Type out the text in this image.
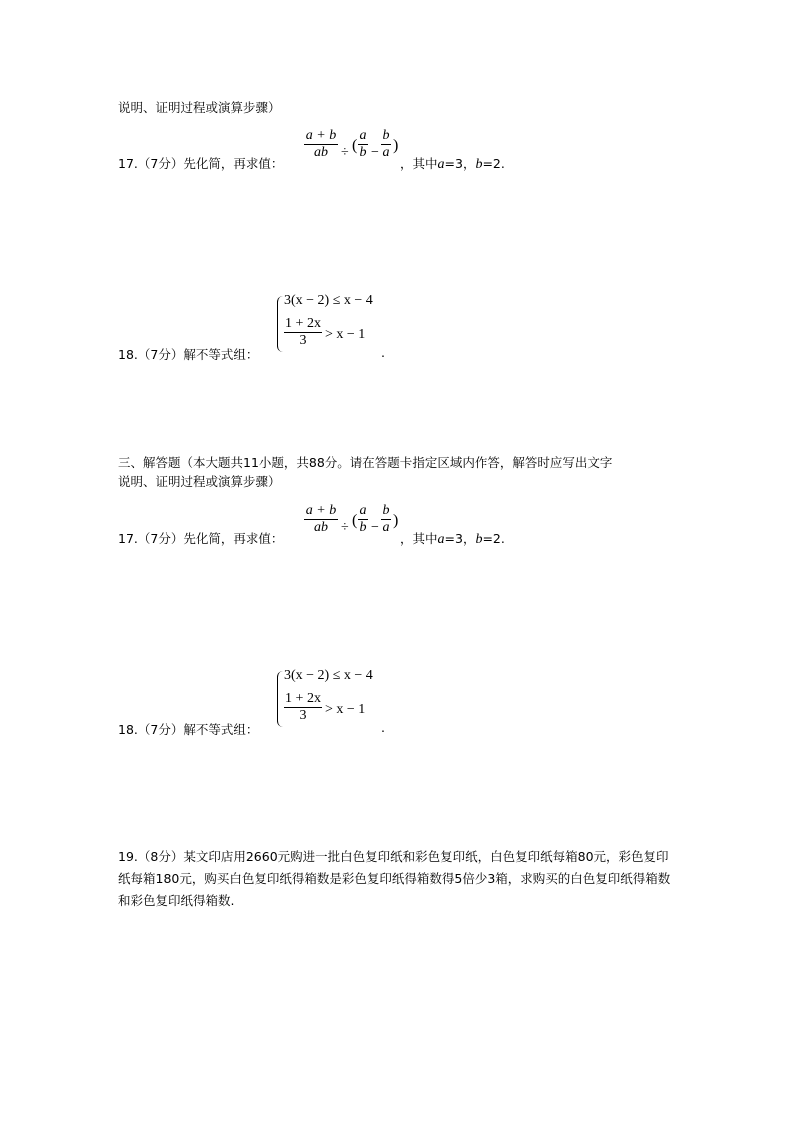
说明、证明过程或演算步骤）
17.（7分）先化简，再求值：
a + b
ab ÷ (
a
b −
b
a )
，其中a=3，b=2.
18.（7分）解不等式组：
3(x − 2) ≤ x − 4
1 + 2x
3 > x − 1
.
三、解答题（本大题共11小题，共88分。请在答题卡指定区域内作答，解答时应写出文字
说明、证明过程或演算步骤）
17.（7分）先化简，再求值：
a + b
ab ÷ (
a
b −
b
a )
，其中a=3，b=2.
18.（7分）解不等式组：
3(x − 2) ≤ x − 4
1 + 2x
3 > x − 1
.
19.（8分）某文印店用2660元购进一批白色复印纸和彩色复印纸，白色复印纸每箱80元，彩色复印纸每箱180元，购买白色复印纸得箱数是彩色复印纸得箱数得5倍少3箱，求购买的白色复印纸得箱数和彩色复印纸得箱数.
